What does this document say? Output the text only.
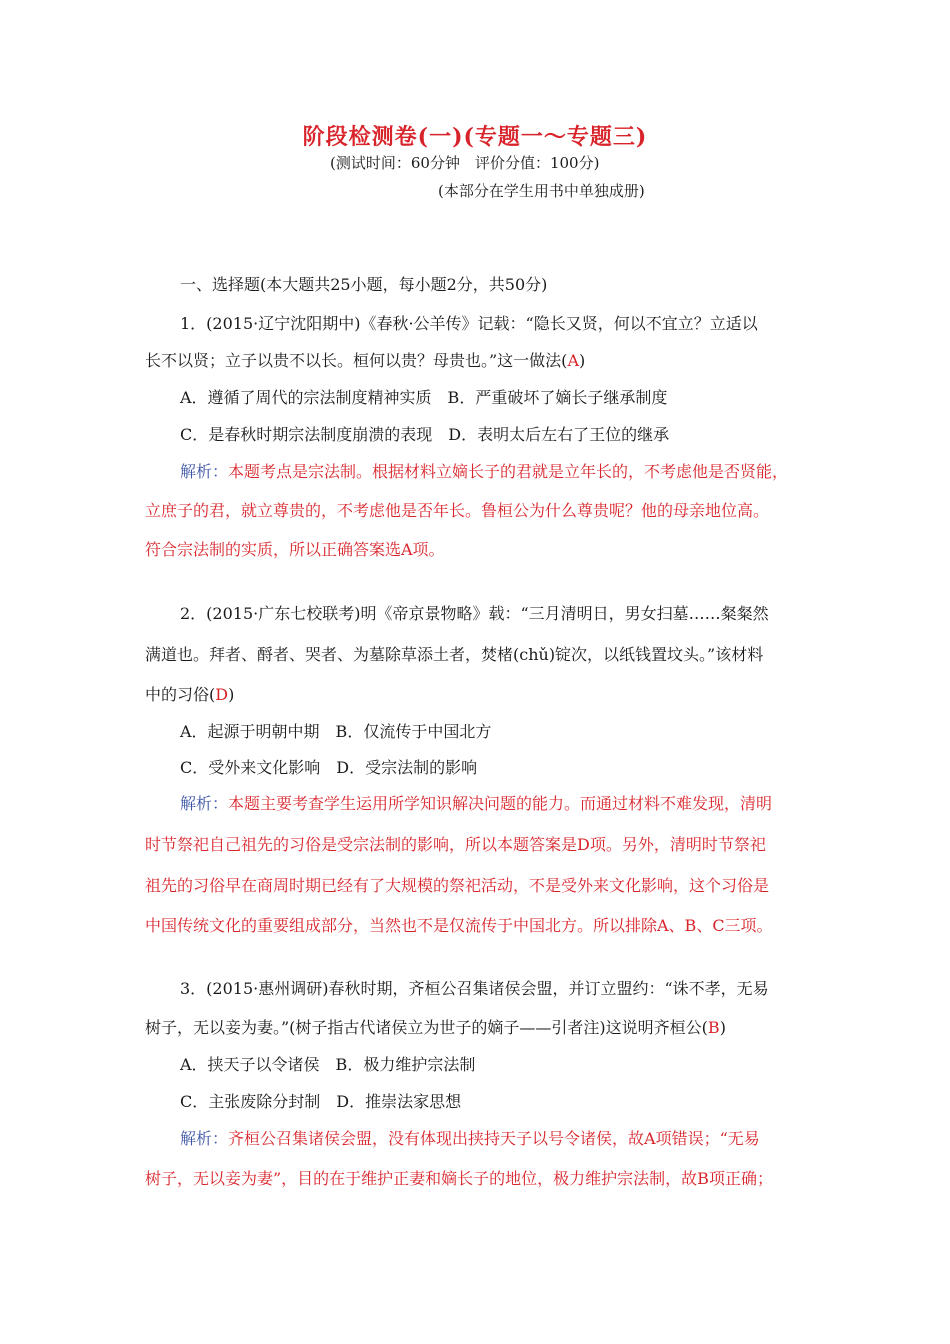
阶段检测卷(一)(专题一～专题三)
(测试时间：60分钟　评价分值：100分)
(本部分在学生用书中单独成册)
一、选择题(本大题共25小题，每小题2分，共50分)
1．(2015·辽宁沈阳期中)《春秋·公羊传》记载：“隐长又贤，何以不宜立？立适以
长不以贤；立子以贵不以长。桓何以贵？母贵也。”这一做法(A)
A．遵循了周代的宗法制度精神实质　B．严重破坏了嫡长子继承制度
C．是春秋时期宗法制度崩溃的表现　D．表明太后左右了王位的继承
解析：本题考点是宗法制。根据材料立嫡长子的君就是立年长的，不考虑他是否贤能，
立庶子的君，就立尊贵的，不考虑他是否年长。鲁桓公为什么尊贵呢？他的母亲地位高。
符合宗法制的实质，所以正确答案选A项。
2．(2015·广东七校联考)明《帝京景物略》载：“三月清明日，男女扫墓……粲粲然
满道也。拜者、酹者、哭者、为墓除草添土者，焚楮(chǔ)锭次，以纸钱置坟头。”该材料
中的习俗(D)
A．起源于明朝中期　B．仅流传于中国北方
C．受外来文化影响　D．受宗法制的影响
解析：本题主要考查学生运用所学知识解决问题的能力。而通过材料不难发现，清明
时节祭祀自己祖先的习俗是受宗法制的影响，所以本题答案是D项。另外，清明时节祭祀
祖先的习俗早在商周时期已经有了大规模的祭祀活动，不是受外来文化影响，这个习俗是
中国传统文化的重要组成部分，当然也不是仅流传于中国北方。所以排除A、B、C三项。
3．(2015·惠州调研)春秋时期，齐桓公召集诸侯会盟，并订立盟约：“诛不孝，无易
树子，无以妾为妻。”(树子指古代诸侯立为世子的嫡子——引者注)这说明齐桓公(B)
A．挟天子以令诸侯　B．极力维护宗法制
C．主张废除分封制　D．推崇法家思想
解析：齐桓公召集诸侯会盟，没有体现出挟持天子以号令诸侯，故A项错误；“无易
树子，无以妾为妻”，目的在于维护正妻和嫡长子的地位，极力维护宗法制，故B项正确；
